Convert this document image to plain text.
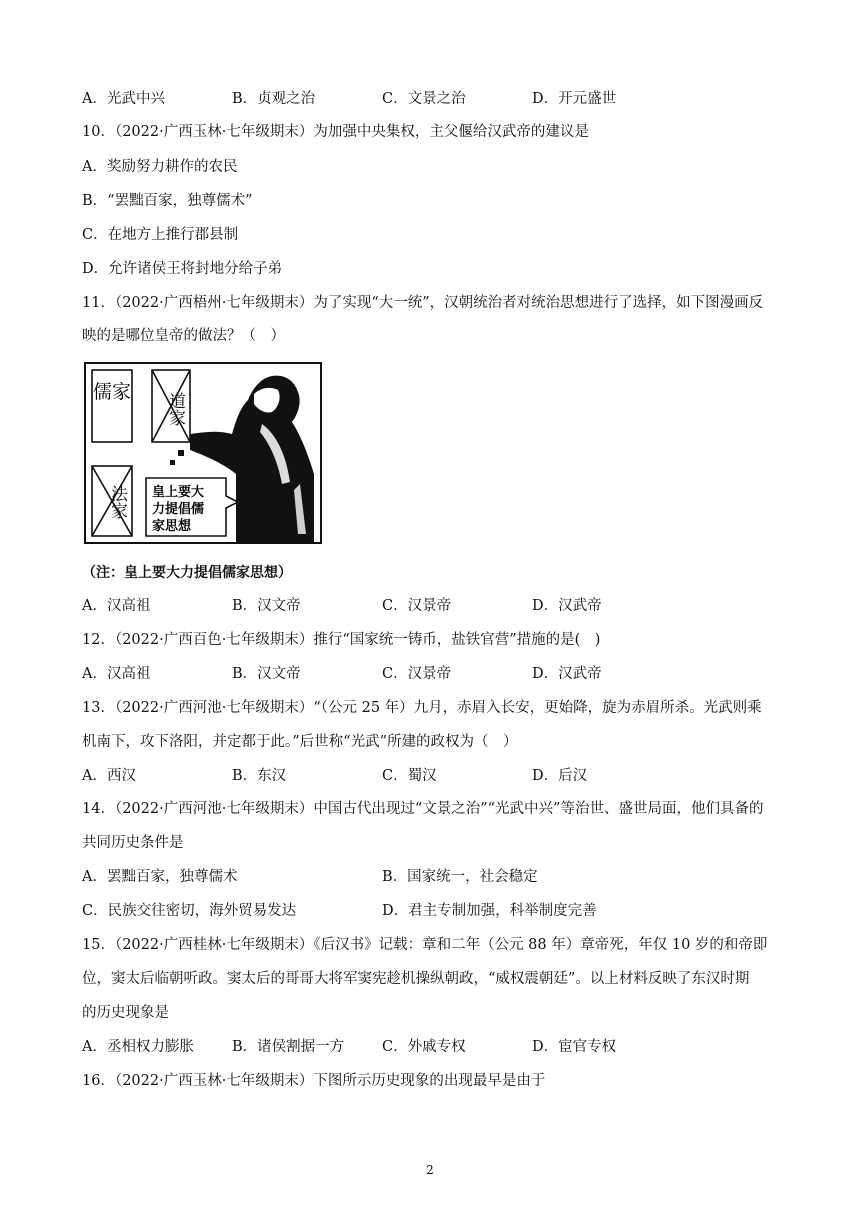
A．光武中兴	B．贞观之治	C．文景之治	D．开元盛世
10．（2022·广西玉林·七年级期末）为加强中央集权，主父偃给汉武帝的建议是
A．奖励努力耕作的农民
B．“罢黜百家，独尊儒术”
C．在地方上推行郡县制
D．允许诸侯王将封地分给子弟
11．（2022·广西梧州·七年级期末）为了实现“大一统”，汉朝统治者对统治思想进行了选择，如下图漫画反
映的是哪位皇帝的做法？（　）
儒家
皇上要大
力提倡儒
家思想
道家
法家
（注：皇上要大力提倡儒家思想）
A．汉高祖	B．汉文帝	C．汉景帝	D．汉武帝
12．（2022·广西百色·七年级期末）推行“国家统一铸币，盐铁官营”措施的是(　)
A．汉高祖	B．汉文帝	C．汉景帝	D．汉武帝
13．（2022·广西河池·七年级期末）“（公元 25 年）九月，赤眉入长安，更始降，旋为赤眉所杀。光武则乘
机南下，攻下洛阳，并定都于此。”后世称“光武”所建的政权为（　）
A．西汉	B．东汉	C．蜀汉	D．后汉
14．（2022·广西河池·七年级期末）中国古代出现过“文景之治”“光武中兴”等治世、盛世局面，他们具备的
共同历史条件是
A．罢黜百家，独尊儒术	B．国家统一，社会稳定
C．民族交往密切，海外贸易发达	D．君主专制加强，科举制度完善
15．（2022·广西桂林·七年级期末）《后汉书》记载：章和二年（公元 88 年）章帝死，年仅 10 岁的和帝即
位，窦太后临朝听政。窦太后的哥哥大将军窦宪趁机操纵朝政，“威权震朝廷”。以上材料反映了东汉时期
的历史现象是
A．丞相权力膨胀	B．诸侯割据一方	C．外戚专权	D．宦官专权
16．（2022·广西玉林·七年级期末）下图所示历史现象的出现最早是由于
2
